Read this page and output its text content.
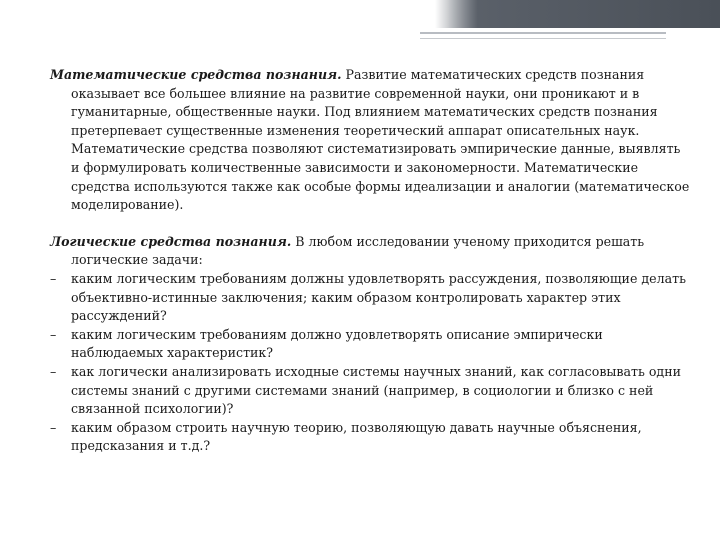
Математические средства познания. Развитие математических средств познания оказывает все большее влияние на развитие современной науки, они проникают и в гуманитарные, общественные науки. Под влиянием математических средств познания претерпевает существенные изменения теоретический аппарат описательных наук. Математические средства позволяют систематизировать эмпирические данные, выявлять и формулировать количественные зависимости и закономерности. Математические средства используются также как особые формы идеализации и аналогии (математическое моделирование).

Логические средства познания. В любом исследовании ученому приходится решать логические задачи:

– каким логическим требованиям должны удовлетворять рассуждения, позволяющие делать объективно-истинные заключения; каким образом контролировать характер этих рассуждений?

– каким логическим требованиям должно удовлетворять описание эмпирически наблюдаемых характеристик?

– как логически анализировать исходные системы научных знаний, как согласовывать одни системы знаний с другими системами знаний (например, в социологии и близко с ней связанной психологии)?

– каким образом строить научную теорию, позволяющую давать научные объяснения, предсказания и т.д.?
